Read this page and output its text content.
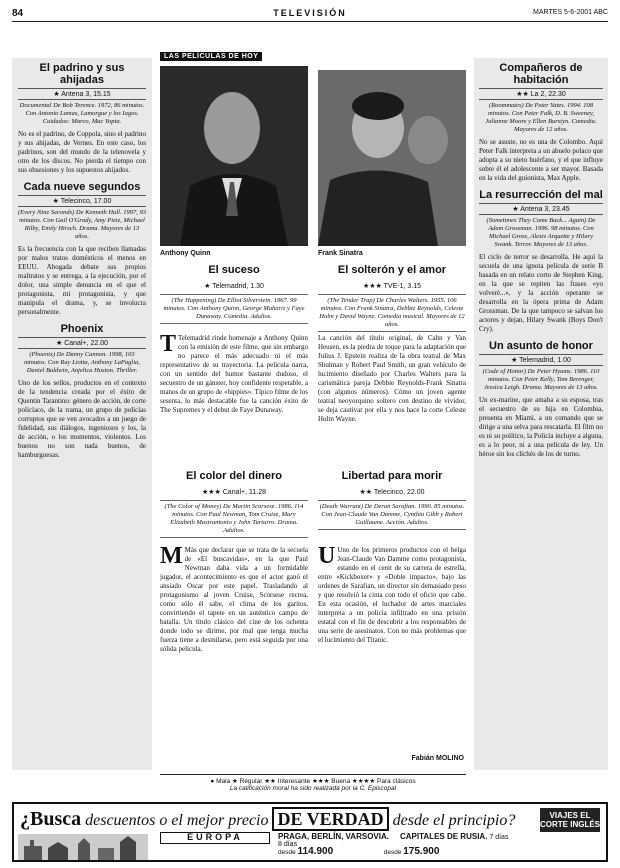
84	TELEVISIÓN	MARTES 5-6-2001 ABC
El padrino y sus ahijadas
★ Antena 3, 15.15
Documental De Bob Terence. 1972, 86 minutos. Con Antonio Lamas, Lamorgue y los Iagos. Cuidados: Marco, Mac Yopta.
No es el padrino, de Coppola, sino el padrino y sus ahijadas, de Vernes. En este caso, los padrinos, son del mundo de la telenovela y otro de los discos. No pierda el tiempo con sus obsesiones y los supuestos ahijados.
Cada nueve segundos
★ Telecinco, 17.00
(Every Nine Seconds) De Kenneth Hall. 1997, 93 minutos. Con Gail O'Grady, Amy Pietz, Michael Rilby, Emily Hirsch. Drama. Mayores de 13 años.
Es la frecuencia con la que reciben llamadas por malos tratos domésticos el menos en EEUU. Abogada debate sus propios maltratos y se entrega, a la ejecución, por el dolor, una simple denuncia en el que el protagonista, mi protagonista, y que manipula el drama, y, se involucra personalmente.
Phoenix
★ Canal+, 22.00
(Phoenix) De Danny Cannon. 1998, 103 minutos. Con Ray Liotta, Anthony LaPaglia, Daniel Baldwin, Anjelica Huston. Thriller.
Uno de los sellos, productos en el contexto de la tendencia creada por el éxito de Quentin Tarantino: género de acción, de corte policíaco, de la trama, un grupo de policías corruptos que se ven avocados a un juego de fidelidad, sus diálogos, ingeniosos y los, la de acción, o los momentos, violentos. Los buenos no son nada buenos, de hamburguesas.
LAS PELÍCULAS DE HOY
Anthony Quinn	Frank Sinatra
El suceso
★ Telemadrid, 1.30
(The Happening) De Elliot Silverstein. 1967. 99 minutos. Con Anthony Quinn, George Maharis y Faye Dunaway. Comedia. Adultos.
El solterón y el amor
★★★ TVE-1, 3.15
(The Tender Trap) De Charles Walters. 1955. 106 minutos. Con Frank Sinatra, Debbie Reynolds, Celeste Holm y David Wayne. Comedia musical. Mayores de 12 años.
T Telemadrid rinde homenaje a Anthony Quinn con la emisión de este filme, que sin embargo no parece el más adecuado ni el más representativo de su trayectoria. La película narra, con un sentido del humor bastante dudoso, el secuestro de un gánster, hoy confidente respetable, a manos de un grupo de «hippies». Típico filme de los sesenta, lo más destacable fue la canción éxito de The Supremes y el debut de Faye Dunaway.
La canción del título original, de Cahn y Van Heusen, es la piedra de toque para la adaptación que Julius J. Epstein realiza de la obra teatral de Max Shulman y Robert Paul Smith, un gran vehículo de lucimiento diseñado por Charles Walters para la carismática pareja Debbie Reynolds-Frank Sinatra (con algunos números). Cómo un joven agente teatral neoyorquino soltero con destino de vividor, se deja cautivar por ella y nos hace la corte Celeste Holm Wayne.
El color del dinero
★★★ Canal+, 11.28
(The Color of Money) De Martin Scorsese. 1986. 114 minutos. Con Paul Newman, Tom Cruise, Mary Elizabeth Mastrantonio y John Turturro. Drama. Adultos.
M Más que declarar que se trata de la secuela de «El buscavidas», en la que Paul Newman daba vida a un formidable jugador, el acontecimiento es que el actor ganó el ansiado Oscar por este papel. Trasladando al protagonismo al joven Cruise, Scorsese recrea, como sólo él sabe, el clima de los garitos, convirtiendo el tapete en un auténtico campo de batalla. Un título clásico del cine de los ochenta donde todo se dirime, por mal que tenga mucha fuerza tiene a desmilarse, pero está seguida por una sólida película.
Libertad para morir
★★ Telecinco, 22.00
(Death Warrant) De Deran Sarafian. 1990. 85 minutos. Con Jean-Claude Van Damme, Cynthia Gibb y Robert Guillaume. Acción. Adultos.
U Uno de los primeros productos con el belga Jean-Claude Van Damme como protagonista, estando en el cenit de su carrera de estrella, entre «Kickboxer» y «Doble impacto», bajo las ordenes de Sarafian, un director sin demasiado peso y que resolvió la cinta con todo el oficio que cabe. En esta ocasión, el luchador de artes marciales interpreta a un policía infiltrado en una prisión estatal con el fin de descubrir a los responsables de una serie de asesinatos. Con no más problemas que el lucimiento del Titanic.
Fabián MOLINO
● Mala ★ Regular ★★ Interesante ★★★ Buena ★★★★ Para clásicos
La calificación moral ha sido realizada por la C. Episcopal
Compañeros de habitación
★★ La 2, 22.30
(Roommates) De Peter Yates. 1994. 108 minutos. Con Peter Falk, D. B. Sweeney, Julianne Moore y Ellen Burstyn. Comedia. Mayores de 12 años.
No se asuste, no es una de Colombo. Aquí Peter Falk interpreta a un abuelo polaco que adopta a su nieto huérfano, y el que influye sobre él el adolescente a ser mayor. Basada en la vida del guionista, Max Apple.
La resurrección del mal
★ Antena 3, 23.45
(Sometimes They Come Back... Again) De Adam Grossman. 1996. 98 minutos. Con Michael Gross, Alexis Arquette y Hilary Swank. Terror. Mayores de 13 años.
El ciclo de terror se desarrolla. He aquí la secuela de una ignota película de serie B basada en un relato corto de Stephen King, en la que se repiten las frases «yo volveré...», y la acción operante se desarrolla en la ópera prima de Adam Grossman. De la que tampoco se salvan los actores y dejan, Hilary Swank (Boys Don't Cry).
Un asunto de honor
★ Telemadrid, 1.00
(Code of Honor) De Peter Hyams. 1986. 110 minutos. Con Peter Kelly, Tom Berenger, Jessica Leigh. Drama. Mayores de 13 años.
Un ex-marine, que amaba a su esposa, tras el secuestro de su hija en Colombia, presenta en Miami, a un comando que se dirige a una selva para rescatarla. El film no es ni su político, la Policía incluye a alguna, es a lo peor, ni a una película de ley. Un héroe sin los clichés de los de turno.
¿Busca descuentos o el mejor precio DE VERDAD desde el principio?	VIAJES EL CORTE INGLÉS
EUROPA	PRAGA, BERLÍN, VARSOVIA. 8 días
CAPITALES DE RUSIA. 7 días
desde 114.900	desde 175.900
